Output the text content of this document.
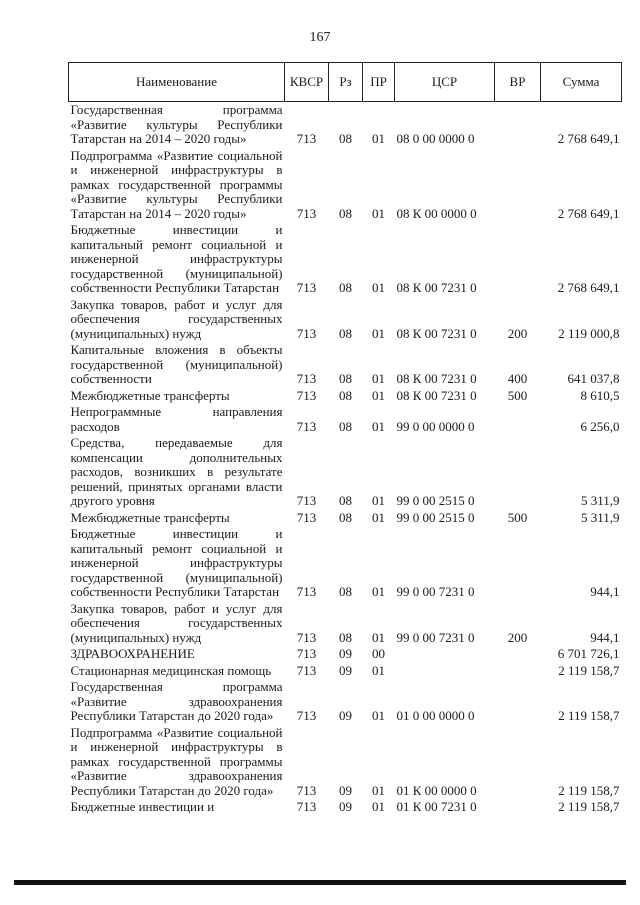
167
Наименование	КВСР	Рз	ПР	ЦСР	ВР	Сумма
Государственная программа «Развитие культуры Республики Татарстан на 2014 – 2020 годы»	713	08	01	08 0 00 0000 0		2 768 649,1
Подпрограмма «Развитие социальной и инженерной инфраструктуры в рамках государственной программы «Развитие культуры Республики Татарстан на 2014 – 2020 годы»	713	08	01	08 К 00 0000 0		2 768 649,1
Бюджетные инвестиции и капитальный ремонт социальной и инженерной инфраструктуры государственной (муниципальной) собственности Республики Татарстан	713	08	01	08 К 00 7231 0		2 768 649,1
Закупка товаров, работ и услуг для обеспечения государственных (муниципальных) нужд	713	08	01	08 К 00 7231 0	200	2 119 000,8
Капитальные вложения в объекты государственной (муниципальной) собственности	713	08	01	08 К 00 7231 0	400	641 037,8
Межбюджетные трансферты	713	08	01	08 К 00 7231 0	500	8 610,5
Непрограммные направления расходов	713	08	01	99 0 00 0000 0		6 256,0
Средства, передаваемые для компенсации дополнительных расходов, возникших в результате решений, принятых органами власти другого уровня	713	08	01	99 0 00 2515 0		5 311,9
Межбюджетные трансферты	713	08	01	99 0 00 2515 0	500	5 311,9
Бюджетные инвестиции и капитальный ремонт социальной и инженерной инфраструктуры государственной (муниципальной) собственности Республики Татарстан	713	08	01	99 0 00 7231 0		944,1
Закупка товаров, работ и услуг для обеспечения государственных (муниципальных) нужд	713	08	01	99 0 00 7231 0	200	944,1
ЗДРАВООХРАНЕНИЕ	713	09	00			6 701 726,1
Стационарная медицинская помощь	713	09	01			2 119 158,7
Государственная программа «Развитие здравоохранения Республики Татарстан до 2020 года»	713	09	01	01 0 00 0000 0		2 119 158,7
Подпрограмма «Развитие социальной и инженерной инфраструктуры в рамках государственной программы «Развитие здравоохранения Республики Татарстан до 2020 года»	713	09	01	01 К 00 0000 0		2 119 158,7
Бюджетные инвестиции и	713	09	01	01 К 00 7231 0		2 119 158,7
